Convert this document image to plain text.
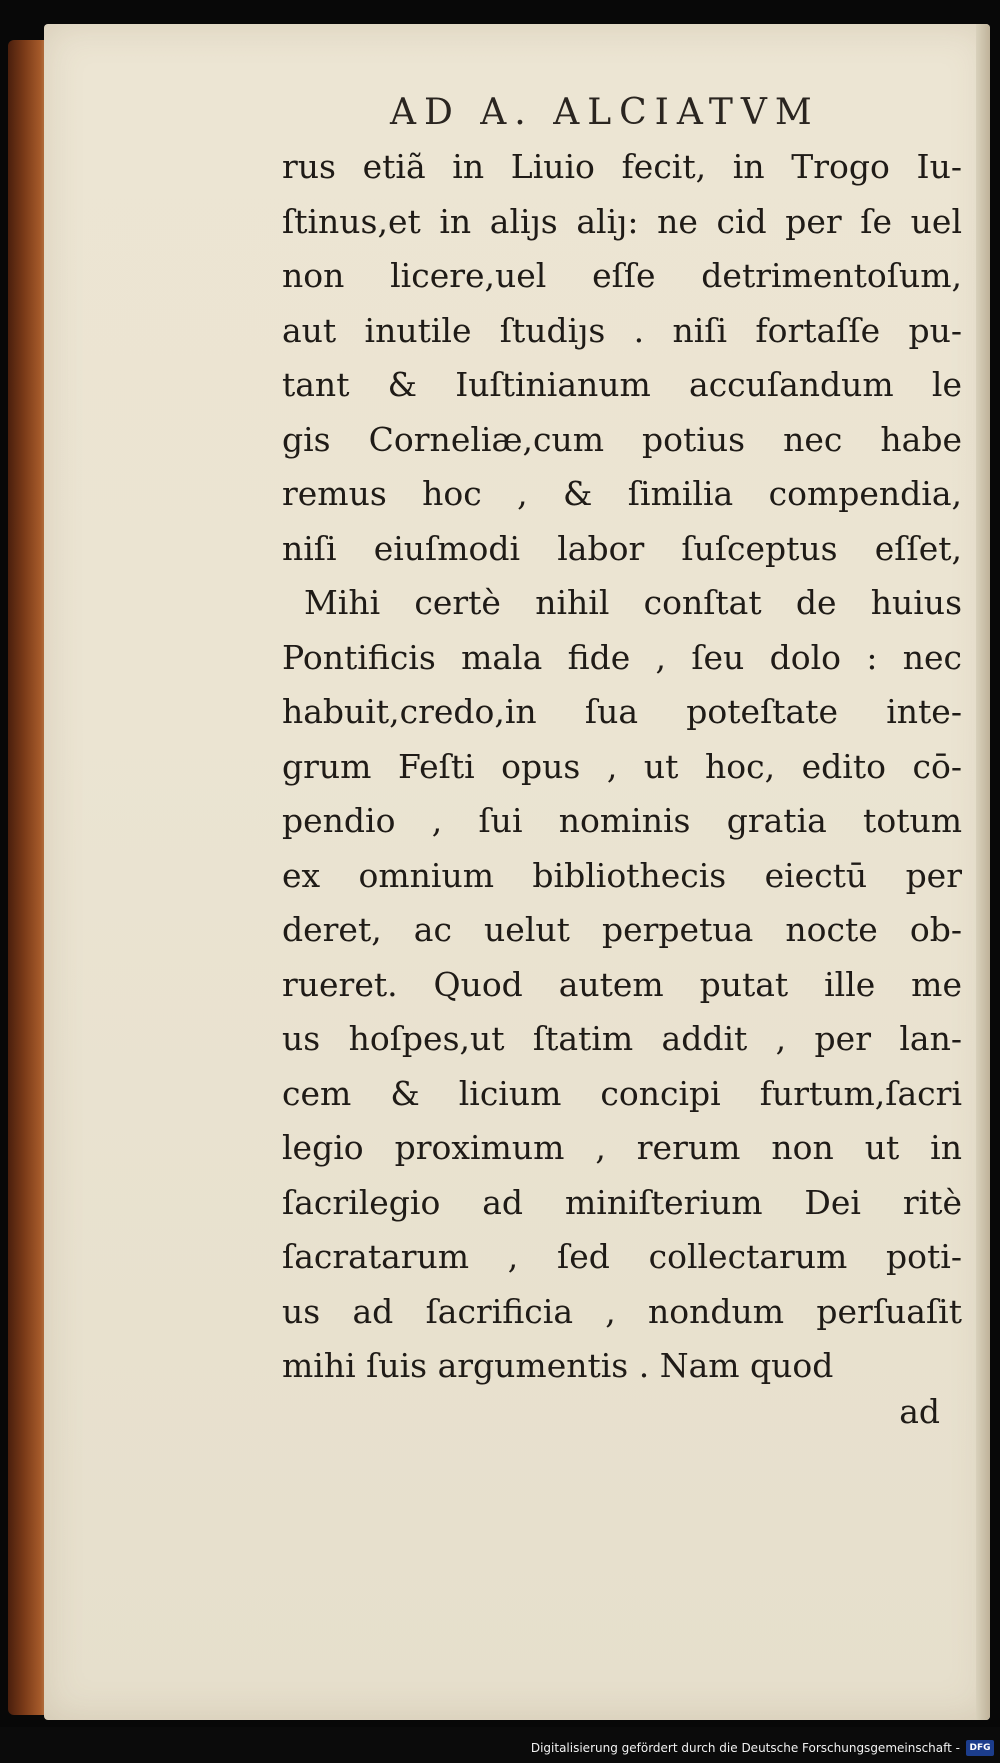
AD A. ALCIATVM
rus etiã in Liuio fecit, in Trogo Iu-
ſtinus,et in aliȷs aliȷ: ne cid per ſe uel
non licere,uel eſſe detrimentoſum,
aut inutile ſtudiȷs . niſi fortaſſe pu-
tant & Iuſtinianum accuſandum le
gis Corneliæ,cum potius nec habe
remus hoc , & ſimilia compendia,
niſi eiuſmodi labor ſuſceptus eſſet,
Mihi certè nihil conſtat de huius
Pontificis mala fide , ſeu dolo : nec
habuit,credo,in ſua poteſtate inte-
grum Feſti opus , ut hoc, edito cō-
pendio , ſui nominis gratia totum
ex omnium bibliothecis eiectū per
deret, ac uelut perpetua nocte ob-
rueret. Quod autem putat ille me
us hoſpes,ut ſtatim addit , per lan-
cem & licium concipi furtum,ſacri
legio proximum , rerum non ut in
ſacrilegio ad miniſterium Dei ritè
ſacratarum , ſed collectarum poti-
us ad ſacrificia , nondum perſuaſit
mihi ſuis argumentis . Nam quod
ad
Digitalisierung gefördert durch die Deutsche Forschungsgemeinschaft -	DFG
